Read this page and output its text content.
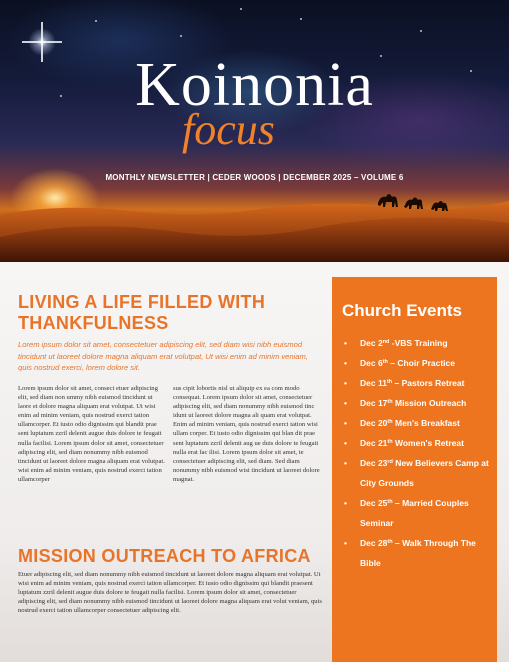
Koinonia
focus
MONTHLY NEWSLETTER | CEDER WOODS | DECEMBER 2025 – VOLUME 6
LIVING A LIFE FILLED WITH THANKFULNESS

Lorem ipsum dolor sit amet, consectetuer adipiscing elit, sed diam wisi nibh euismod tincidunt ut laoreet dolore magna aliquam erat volutpat, Ut wisi enim ad minim veniam, quis nostrud exerci, lorem dolore sit.

Lorem ipsum dolor sit amet, consect etuer adipiscing elit, sed diam non ummy nibh euismod tincidunt ut laore et dolore magna aliquam erat volutpat. Ut wisi enim ad minim veniam, quis nostrud exerci tation ullamcorper. Et iusto odio dignissim qui blandit prae sent luptatum zzril delenit augue duis dolore te feugait nulla facilisi. Lorem ipsum dolor sit amet, consectetuer adipiscing elit, sed diam nonummy nibh euismod tincidunt ut laoreet dolore magna aliquam erat volutpat. wisi enim ad minim veniam, quis nostrud exerci tation ullamcorper

sus cipit lobortis nisl ut aliquip ex ea com modo consequat. Lorem ipsum dolor sit amet, consectetuer adipiscing elit, sed diam nonummy nibh euismod tinc idunt ut laoreet dolore magna ali quam erat volutpat. Enim ad minim veniam, quis nostrud exerci tation wisi ullam corper. Et iusto odio dignissim qui blan dit prae sent luptatum zzril delenit aug ue duis dolore te feugait nulla erat fac ilisi. Lorem ipsum dolor sit amet, te consectetuer adipiscing elit, sed diam. Sed diam nonummy nibh euismod wisi tincidunt ut laoreet dolore magnat.

MISSION OUTREACH TO AFRICA

Etuer adipiscing elit, sed diam nonummy nibh euismod tincidunt ut laoreet dolore magna aliquam erat volutpat. Ut wisi enim ad minim veniam, quis nostrud exerci tation ullamcorper. Et iusto odio dignissim qui blandit praesent luptatum zzril delenit augue duis dolore te feugait nulla facilisi. Lorem ipsum dolor sit amet, consectetuer adipiscing elit, sed diam nonummy nibh euismod tincidunt ut laoreet dolore magna aliquam erat volut veniam, quis nostrud exerci tation ullamcorper consectetuer adipiscing elit.

Church Events
•	Dec 2nd -VBS Training
•	Dec 6th – Choir Practice
•	Dec 11th – Pastors Retreat
•	Dec 17th Mission Outreach
•	Dec 20th Men's Breakfast
•	Dec 21th Women's Retreat
•	Dec 23rd New Believers Camp at City Grounds
•	Dec 25th – Married Couples Seminar
•	Dec 28th – Walk Through The Bible
